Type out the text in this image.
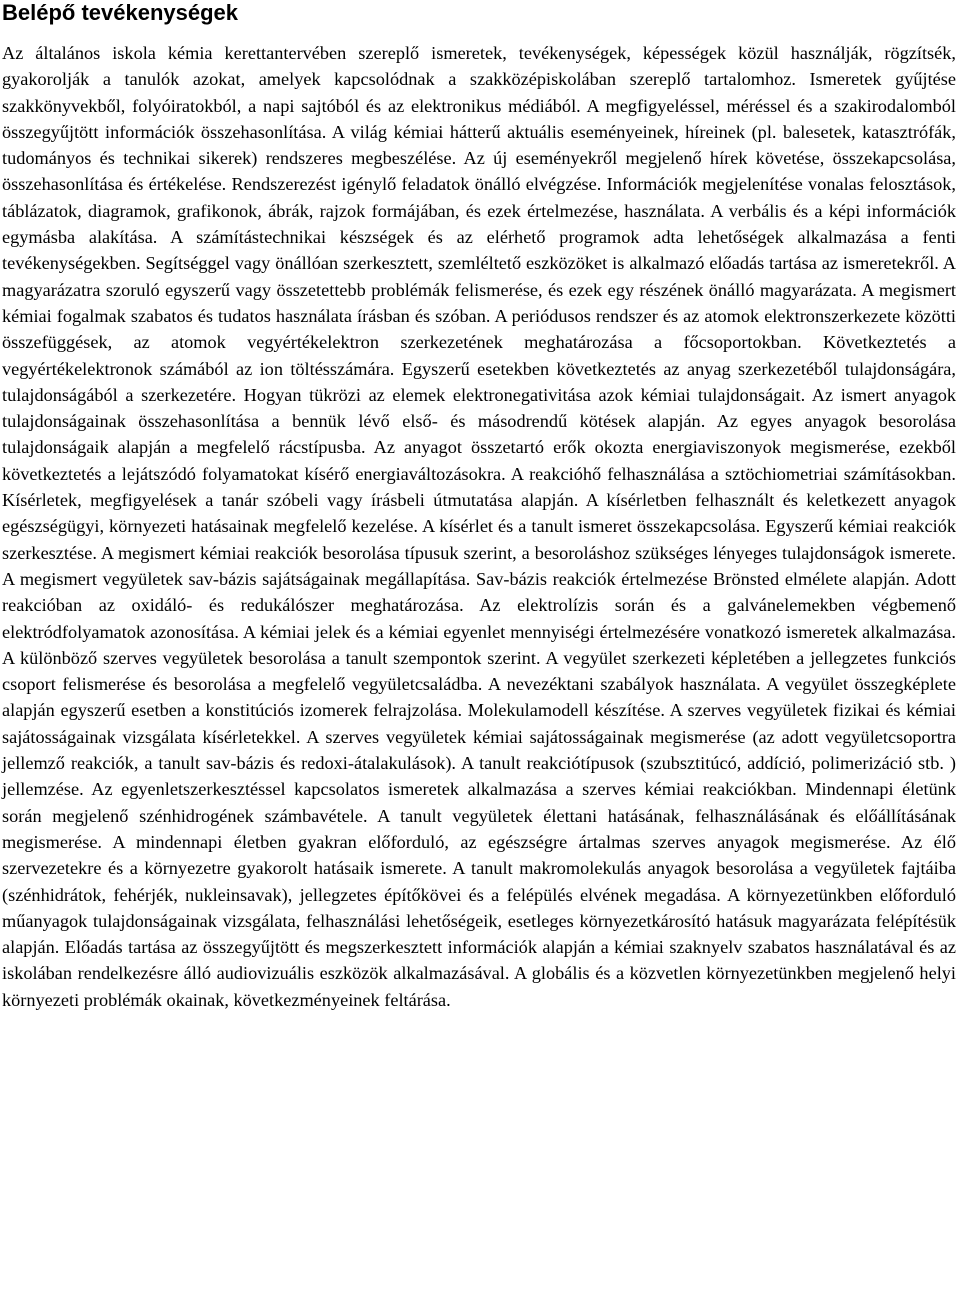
Belépő tevékenységek

Az általános iskola kémia kerettantervében szereplő ismeretek, tevékenységek, képességek közül használják, rögzítsék, gyakorolják a tanulók azokat, amelyek kapcsolódnak a szakközépiskolában szereplő tartalomhoz. Ismeretek gyűjtése szakkönyvekből, folyóiratokból, a napi sajtóból és az elektronikus médiából. A megfigyeléssel, méréssel és a szakirodalomból összegyűjtött információk összehasonlítása. A világ kémiai hátterű aktuális eseményeinek, híreinek (pl. balesetek, katasztrófák, tudományos és technikai sikerek) rendszeres megbeszélése. Az új eseményekről megjelenő hírek követése, összekapcsolása, összehasonlítása és értékelése. Rendszerezést igénylő feladatok önálló elvégzése. Információk megjelenítése vonalas felosztások, táblázatok, diagramok, grafikonok, ábrák, rajzok formájában, és ezek értelmezése, használata. A verbális és a képi információk egymásba alakítása. A számítástechnikai készségek és az elérhető programok adta lehetőségek alkalmazása a fenti tevékenységekben. Segítséggel vagy önállóan szerkesztett, szemléltető eszközöket is alkalmazó előadás tartása az ismeretekről. A magyarázatra szoruló egyszerű vagy összetettebb problémák felismerése, és ezek egy részének önálló magyarázata. A megismert kémiai fogalmak szabatos és tudatos használata írásban és szóban. A periódusos rendszer és az atomok elektronszerkezete közötti összefüggések, az atomok vegyértékelektron szerkezetének meghatározása a főcsoportokban. Következtetés a vegyértékelektronok számából az ion töltésszámára. Egyszerű esetekben következtetés az anyag szerkezetéből tulajdonságára, tulajdonságából a szerkezetére. Hogyan tükrözi az elemek elektronegativitása azok kémiai tulajdonságait. Az ismert anyagok tulajdonságainak összehasonlítása a bennük lévő első- és másodrendű kötések alapján. Az egyes anyagok besorolása tulajdonságaik alapján a megfelelő rácstípusba. Az anyagot összetartó erők okozta energiaviszonyok megismerése, ezekből következtetés a lejátszódó folyamatokat kísérő energiaváltozásokra. A reakcióhő felhasználása a sztöchiometriai számításokban. Kísérletek, megfigyelések a tanár szóbeli vagy írásbeli útmutatása alapján. A kísérletben felhasznált és keletkezett anyagok egészségügyi, környezeti hatásainak megfelelő kezelése. A kísérlet és a tanult ismeret összekapcsolása. Egyszerű kémiai reakciók szerkesztése. A megismert kémiai reakciók besorolása típusuk szerint, a besoroláshoz szükséges lényeges tulajdonságok ismerete. A megismert vegyületek sav-bázis sajátságainak megállapítása. Sav-bázis reakciók értelmezése Brönsted elmélete alapján. Adott reakcióban az oxidáló- és redukálószer meghatározása. Az elektrolízis során és a galvánelemekben végbemenő elektródfolyamatok azonosítása. A kémiai jelek és a kémiai egyenlet mennyiségi értelmezésére vonatkozó ismeretek alkalmazása. A különböző szerves vegyületek besorolása a tanult szempontok szerint. A vegyület szerkezeti képletében a jellegzetes funkciós csoport felismerése és besorolása a megfelelő vegyületcsaládba. A nevezéktani szabályok használata. A vegyület összegképlete alapján egyszerű esetben a konstitúciós izomerek felrajzolása. Molekulamodell készítése. A szerves vegyületek fizikai és kémiai sajátosságainak vizsgálata kísérletekkel. A szerves vegyületek kémiai sajátosságainak megismerése (az adott vegyületcsoportra jellemző reakciók, a tanult sav-bázis és redoxi-átalakulások). A tanult reakciótípusok (szubsztitúcó, addíció, polimerizáció stb. ) jellemzése. Az egyenletszerkesztéssel kapcsolatos ismeretek alkalmazása a szerves kémiai reakciókban. Mindennapi életünk során megjelenő szénhidrogének számbavétele. A tanult vegyületek élettani hatásának, felhasználásának és előállításának megismerése. A mindennapi életben gyakran előforduló, az egészségre ártalmas szerves anyagok megismerése. Az élő szervezetekre és a környezetre gyakorolt hatásaik ismerete. A tanult makromolekulás anyagok besorolása a vegyületek fajtáiba (szénhidrátok, fehérjék, nukleinsavak), jellegzetes építőkövei és a felépülés elvének megadása. A környezetünkben előforduló műanyagok tulajdonságainak vizsgálata, felhasználási lehetőségeik, esetleges környezetkárosító hatásuk magyarázata felépítésük alapján. Előadás tartása az összegyűjtött és megszerkesztett információk alapján a kémiai szaknyelv szabatos használatával és az iskolában rendelkezésre álló audiovizuális eszközök alkalmazásával. A globális és a közvetlen környezetünkben megjelenő helyi környezeti problémák okainak, következményeinek feltárása.
